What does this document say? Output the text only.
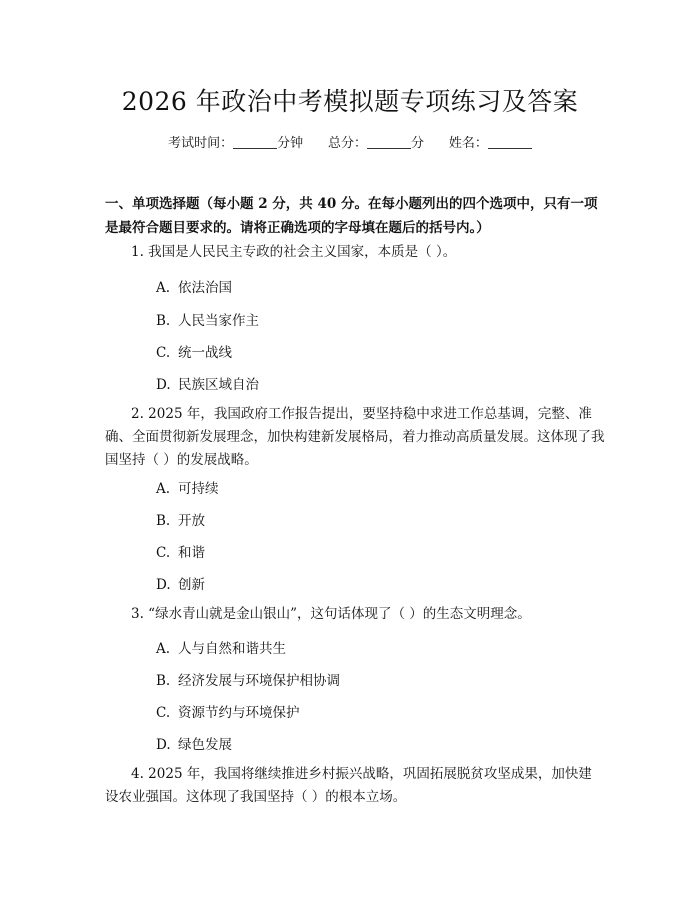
2026 年政治中考模拟题专项练习及答案
考试时间：	分钟 总分：	分 姓名：
一、单项选择题（每小题 2 分，共 40 分。在每小题列出的四个选项中，只有一项是最符合题目要求的。请将正确选项的字母填在题后的括号内。）
1. 我国是人民民主专政的社会主义国家，本质是（ ）。
A. 依法治国
B. 人民当家作主
C. 统一战线
D. 民族区域自治
2. 2025 年，我国政府工作报告提出，要坚持稳中求进工作总基调，完整、准确、全面贯彻新发展理念，加快构建新发展格局，着力推动高质量发展。这体现了我国坚持（ ）的发展战略。
A. 可持续
B. 开放
C. 和谐
D. 创新
3. “绿水青山就是金山银山”，这句话体现了（ ）的生态文明理念。
A. 人与自然和谐共生
B. 经济发展与环境保护相协调
C. 资源节约与环境保护
D. 绿色发展
4. 2025 年，我国将继续推进乡村振兴战略，巩固拓展脱贫攻坚成果，加快建设农业强国。这体现了我国坚持（ ）的根本立场。
